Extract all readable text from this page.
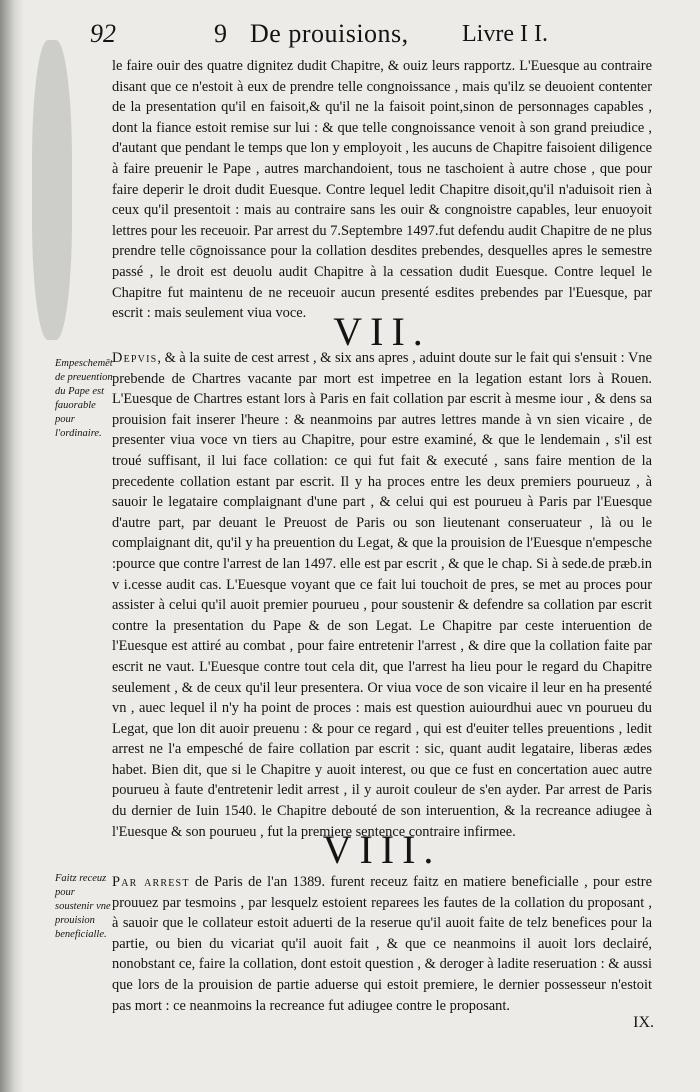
92	9 De prouisions, Livre I I.
le faire ouir des quatre dignitez dudit Chapitre, & ouiz leurs rapportz. L'Euesque au contraire disant que ce n'estoit à eux de prendre telle congnoissance , mais qu'ilz se deuoient contenter de la presentation qu'il en faisoit,& qu'il ne la faisoit point,sinon de personnages capables , dont la fiance estoit remise sur lui : & que telle congnoissance venoit à son grand preiudice , d'autant que pendant le temps que lon y employoit , les aucuns de Chapitre faisoient diligence à faire preuenir le Pape , autres marchandoient, tous ne taschoient à autre chose , que pour faire deperir le droit dudit Euesque. Contre lequel ledit Chapitre disoit,qu'il n'aduisoit rien à ceux qu'il presentoit : mais au contraire sans les ouir & congnoistre capables, leur enuoyoit lettres pour les receuoir. Par arrest du 7.Septembre 1497.fut defendu audit Chapitre de ne plus prendre telle cōgnoissance pour la collation desdites prebendes, desquelles apres le semestre passé , le droit est deuolu audit Chapitre à la cessation dudit Euesque. Contre lequel le Chapitre fut maintenu de ne receuoir aucun presenté esdites prebendes par l'Euesque, par escrit : mais seulement viua voce. VII.
Empeschemēt de preuention du Pape est fauorable pour l'ordinaire.
Depvis, & à la suite de cest arrest , & six ans apres , aduint doute sur le fait qui s'ensuit : Vne prebende de Chartres vacante par mort est impetree en la legation estant lors à Rouen. L'Euesque de Chartres estant lors à Paris en fait collation par escrit à mesme iour , & dens sa prouision fait inserer l'heure : & neanmoins par autres lettres mande à vn sien vicaire , de presenter viua voce vn tiers au Chapitre, pour estre examiné, & que le lendemain , s'il est troué suffisant, il lui face collation: ce qui fut fait & executé , sans faire mention de la precedente collation estant par escrit. Il y ha proces entre les deux premiers pourueuz , à sauoir le legataire complaignant d'une part , & celui qui est pourueu à Paris par l'Euesque d'autre part, par deuant le Preuost de Paris ou son lieutenant conseruateur , là ou le complaignant dit, qu'il y ha preuention du Legat, & que la prouision de l'Euesque n'empesche :pource que contre l'arrest de lan 1497. elle est par escrit , & que le chap. Si à sede.de præb.in v i.cesse audit cas. L'Euesque voyant que ce fait lui touchoit de pres, se met au proces pour assister à celui qu'il auoit premier pourueu , pour soustenir & defendre sa collation par escrit contre la presentation du Pape & de son Legat. Le Chapitre par ceste interuention de l'Euesque est attiré au combat , pour faire entretenir l'arrest , & dire que la collation faite par escrit ne vaut. L'Euesque contre tout cela dit, que l'arrest ha lieu pour le regard du Chapitre seulement , & de ceux qu'il leur presentera. Or viua voce de son vicaire il leur en ha presenté vn , auec lequel il n'y ha point de proces : mais est question auiourdhui auec vn pourueu du Legat, que lon dit auoir preuenu : & pour ce regard , qui est d'euiter telles preuentions , ledit arrest ne l'a empesché de faire collation par escrit : sic, quant audit legataire, liberas ædes habet. Bien dit, que si le Chapitre y auoit interest, ou que ce fust en concertation auec autre pourueu à faute d'entretenir ledit arrest , il y auroit couleur de s'en ayder. Par arrest de Paris du dernier de Iuin 1540. le Chapitre debouté de son interuention, & la recreance adiugee à l'Euesque & son pourueu , fut la premiere sentence contraire infirmee.
VIII.
Faitz receuz pour soustenir vne prouision beneficialle.
Par arrest de Paris de l'an 1389. furent receuz faitz en matiere beneficialle , pour estre prouuez par tesmoins , par lesquelz estoient reparees les fautes de la collation du proposant , à sauoir que le collateur estoit aduerti de la reserue qu'il auoit faite de telz benefices pour la partie, ou bien du vicariat qu'il auoit fait , & que ce neanmoins il auoit lors declairé, nonobstant ce, faire la collation, dont estoit question , & deroger à ladite reseruation : & aussi que lors de la prouision de partie aduerse qui estoit premiere, le dernier possesseur n'estoit pas mort : ce neanmoins la recreance fut adiugee contre le proposant.
IX.
